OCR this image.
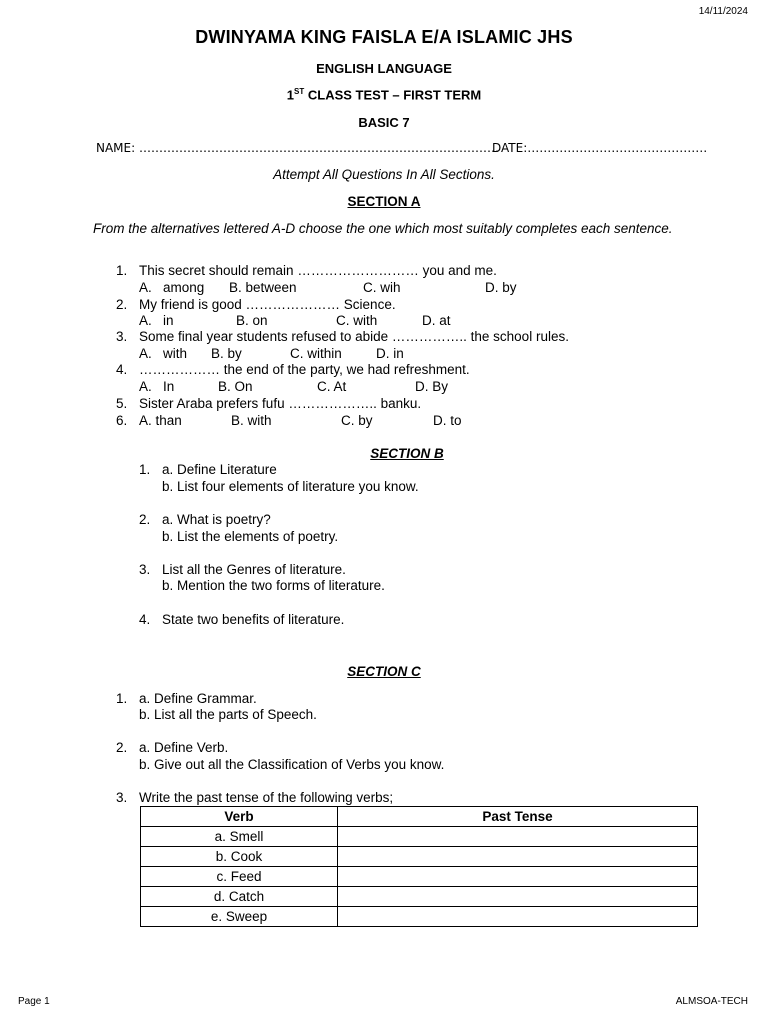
14/11/2024
DWINYAMA KING FAISLA E/A ISLAMIC JHS
ENGLISH LANGUAGE
1ST CLASS TEST – FIRST TERM
BASIC 7
NAME: ………………………………………………………………………………
DATE:………………………………………
Attempt All Questions In All Sections.
SECTION A
From the alternatives lettered A-D choose the one which most suitably completes each sentence.
1. This secret should remain ……………………… you and me.
A.   among B. between	C. wih	D. by
2. My friend is good ………………… Science.
A.   in	B. on	C. with	D. at
3. Some final year students refused to abide …………….. the school rules.
A.   with B. by	C. within	D. in
4. ……………… the end of the party, we had refreshment.
A.   In	B. On	C. At	D. By
5. Sister Araba prefers fufu ……………….. banku.
6. A. than	B. with	C. by	D. to
SECTION B
1. a. Define Literature
b. List four elements of literature you know.
2. a. What is poetry?
b. List the elements of poetry.
3. List all the Genres of literature.
b. Mention the two forms of literature.
4. State two benefits of literature.
SECTION C
1. a. Define Grammar.
b. List all the parts of Speech.
2. a. Define Verb.
b. Give out all the Classification of Verbs you know.
3. Write the past tense of the following verbs;
Verb	Past Tense
a. Smell	
b. Cook	
c. Feed	
d. Catch	
e. Sweep	
Page 1	ALMSOA-TECH
